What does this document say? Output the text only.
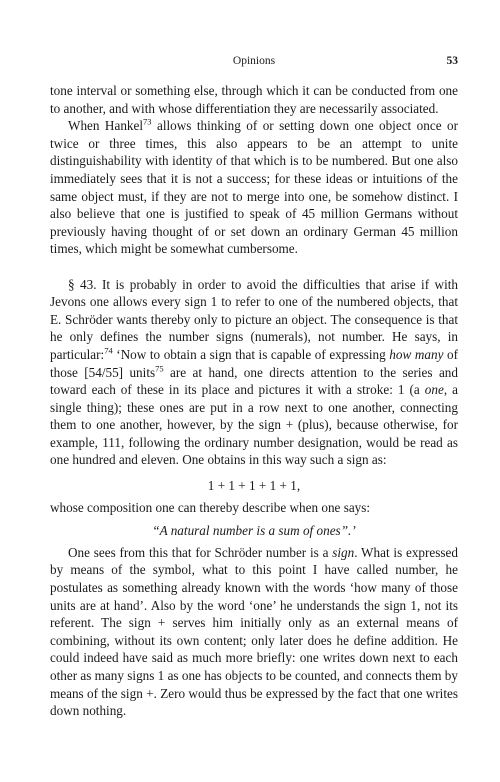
Opinions	53

tone interval or something else, through which it can be conducted from one to another, and with whose differentiation they are necessarily associated.

When Hankel$^{73}$ allows thinking of or setting down one object once or twice or three times, this also appears to be an attempt to unite distinguishability with identity of that which is to be numbered. But one also immediately sees that it is not a success; for these ideas or intuitions of the same object must, if they are not to merge into one, be somehow distinct. I also believe that one is justified to speak of 45 million Germans without previously having thought of or set down an ordinary German 45 million times, which might be somewhat cumbersome.

§ 43. It is probably in order to avoid the difficulties that arise if with Jevons one allows every sign 1 to refer to one of the numbered objects, that E. Schröder wants thereby only to picture an object. The consequence is that he only defines the number signs (numerals), not number. He says, in particular:$^{74}$ ‘Now to obtain a sign that is capable of expressing how many of those [54/55] units$^{75}$ are at hand, one directs attention to the series and toward each of these in its place and pictures it with a stroke: 1 (a one, a single thing); these ones are put in a row next to one another, connecting them to one another, however, by the sign + (plus), because otherwise, for example, 111, following the ordinary number designation, would be read as one hundred and eleven. One obtains in this way such a sign as:

1 + 1 + 1 + 1 + 1,

whose composition one can thereby describe when one says:

“A natural number is a sum of ones”.’

One sees from this that for Schröder number is a sign. What is expressed by means of the symbol, what to this point I have called number, he postulates as something already known with the words ‘how many of those units are at hand’. Also by the word ‘one’ he understands the sign 1, not its referent. The sign + serves him initially only as an external means of combining, without its own content; only later does he define addition. He could indeed have said as much more briefly: one writes down next to each other as many signs 1 as one has objects to be counted, and connects them by means of the sign +. Zero would thus be expressed by the fact that one writes down nothing.
